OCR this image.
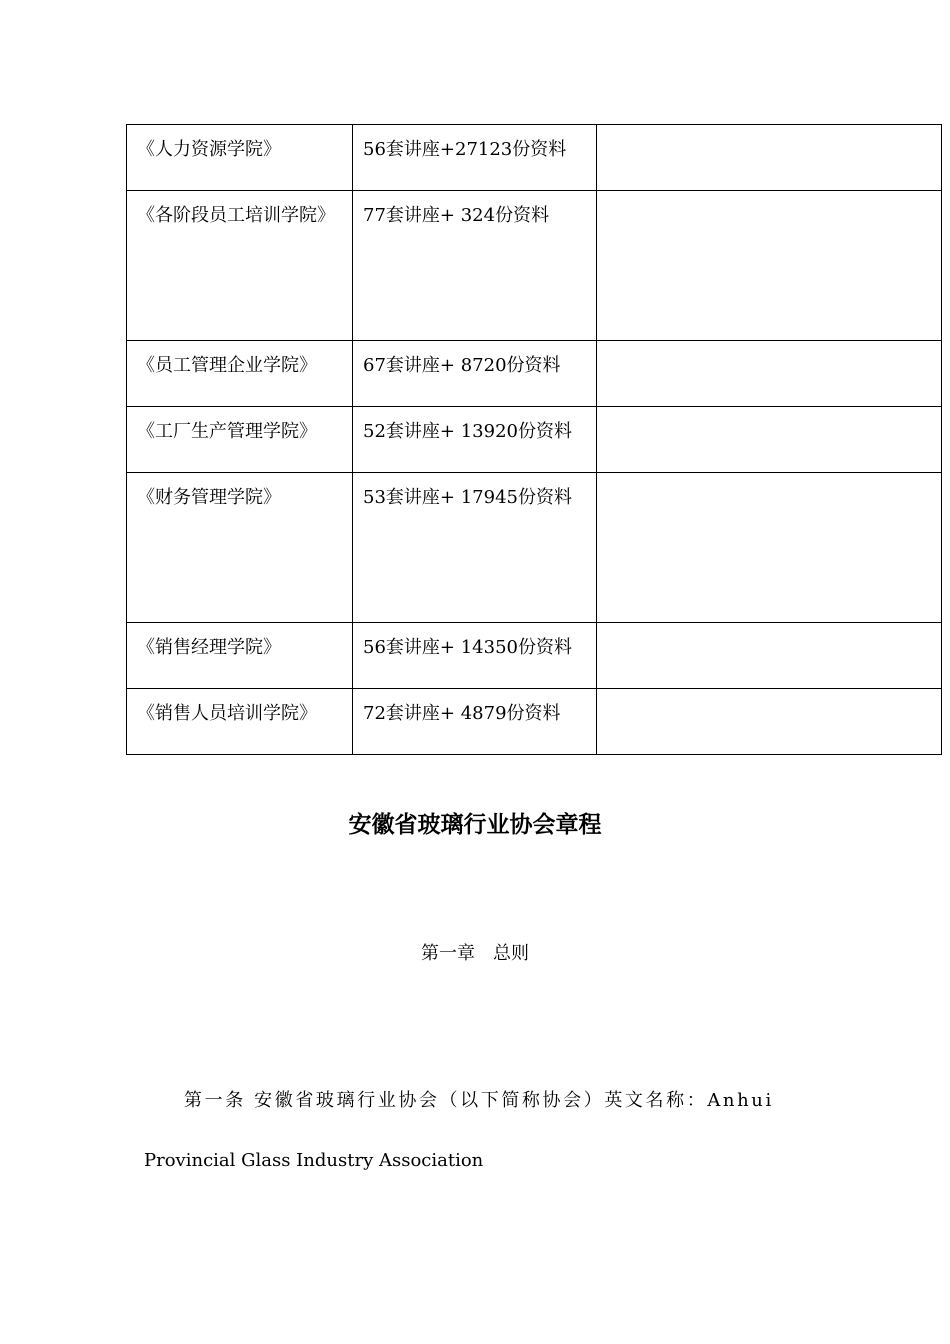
《人力资源学院》	56套讲座+27123份资料	

《各阶段员工培训学院》	77套讲座+ 324份资料	
《员工管理企业学院》	67套讲座+ 8720份资料	
《工厂生产管理学院》	52套讲座+ 13920份资料	
《财务管理学院》	53套讲座+ 17945份资料	

《销售经理学院》	56套讲座+ 14350份资料	
《销售人员培训学院》	72套讲座+ 4879份资料	
安徽省玻璃行业协会章程
第一章　总则
第一条 安徽省玻璃行业协会（以下简称协会）英文名称：Anhui
Provincial Glass Industry Association
